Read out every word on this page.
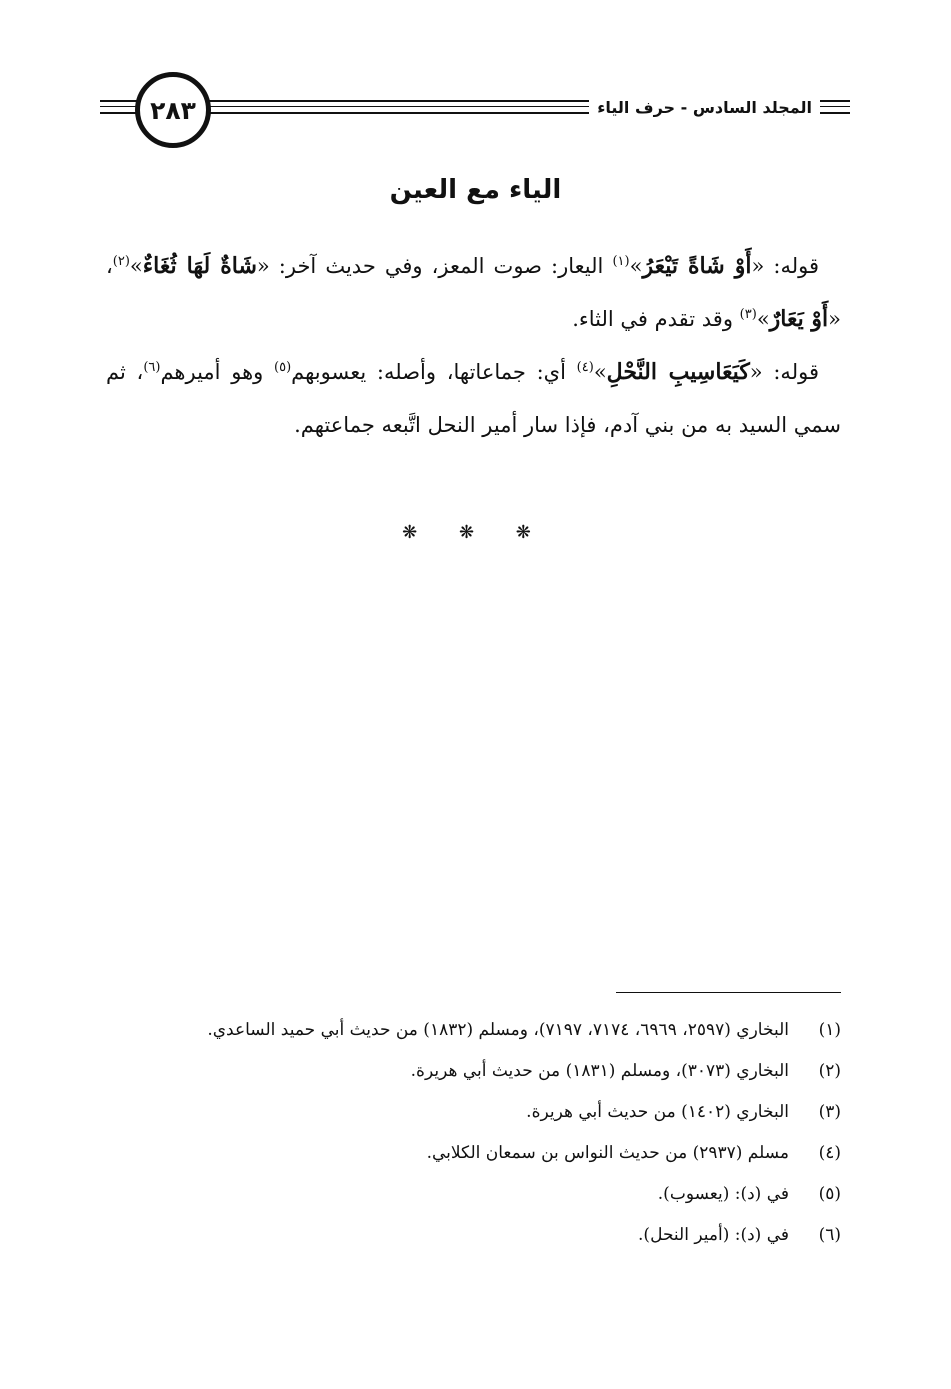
٢٨٣	المجلد السادس - حرف الياء
الياء مع العين

قوله: «أَوْ شَاةً تَيْعَرُ»$^{(١)}$ اليعار: صوت المعز، وفي حديث آخر: «شَاةٌ لَهَا ثُغَاءٌ»$^{(٢)}$، «أَوْ يَعَارٌ»$^{(٣)}$ وقد تقدم في الثاء.

قوله: «كَيَعَاسِيبِ النَّحْلِ»$^{(٤)}$ أي: جماعاتها، وأصله: يعسوبهم$^{(٥)}$ وهو أميرهم$^{(٦)}$، ثم سمي السيد به من بني آدم، فإذا سار أمير النحل اتَّبعه جماعتهم.

❋ ❋ ❋
(١)
البخاري (٢٥٩٧، ٦٩٦٩، ٧١٧٤، ٧١٩٧)، ومسلم (١٨٣٢) من حديث أبي حميد الساعدي.
(٢)
البخاري (٣٠٧٣)، ومسلم (١٨٣١) من حديث أبي هريرة.
(٣)
البخاري (١٤٠٢) من حديث أبي هريرة.
(٤)
مسلم (٢٩٣٧) من حديث النواس بن سمعان الكلابي.
(٥)
في (د): (يعسوب).
(٦)
في (د): (أمير النحل).
